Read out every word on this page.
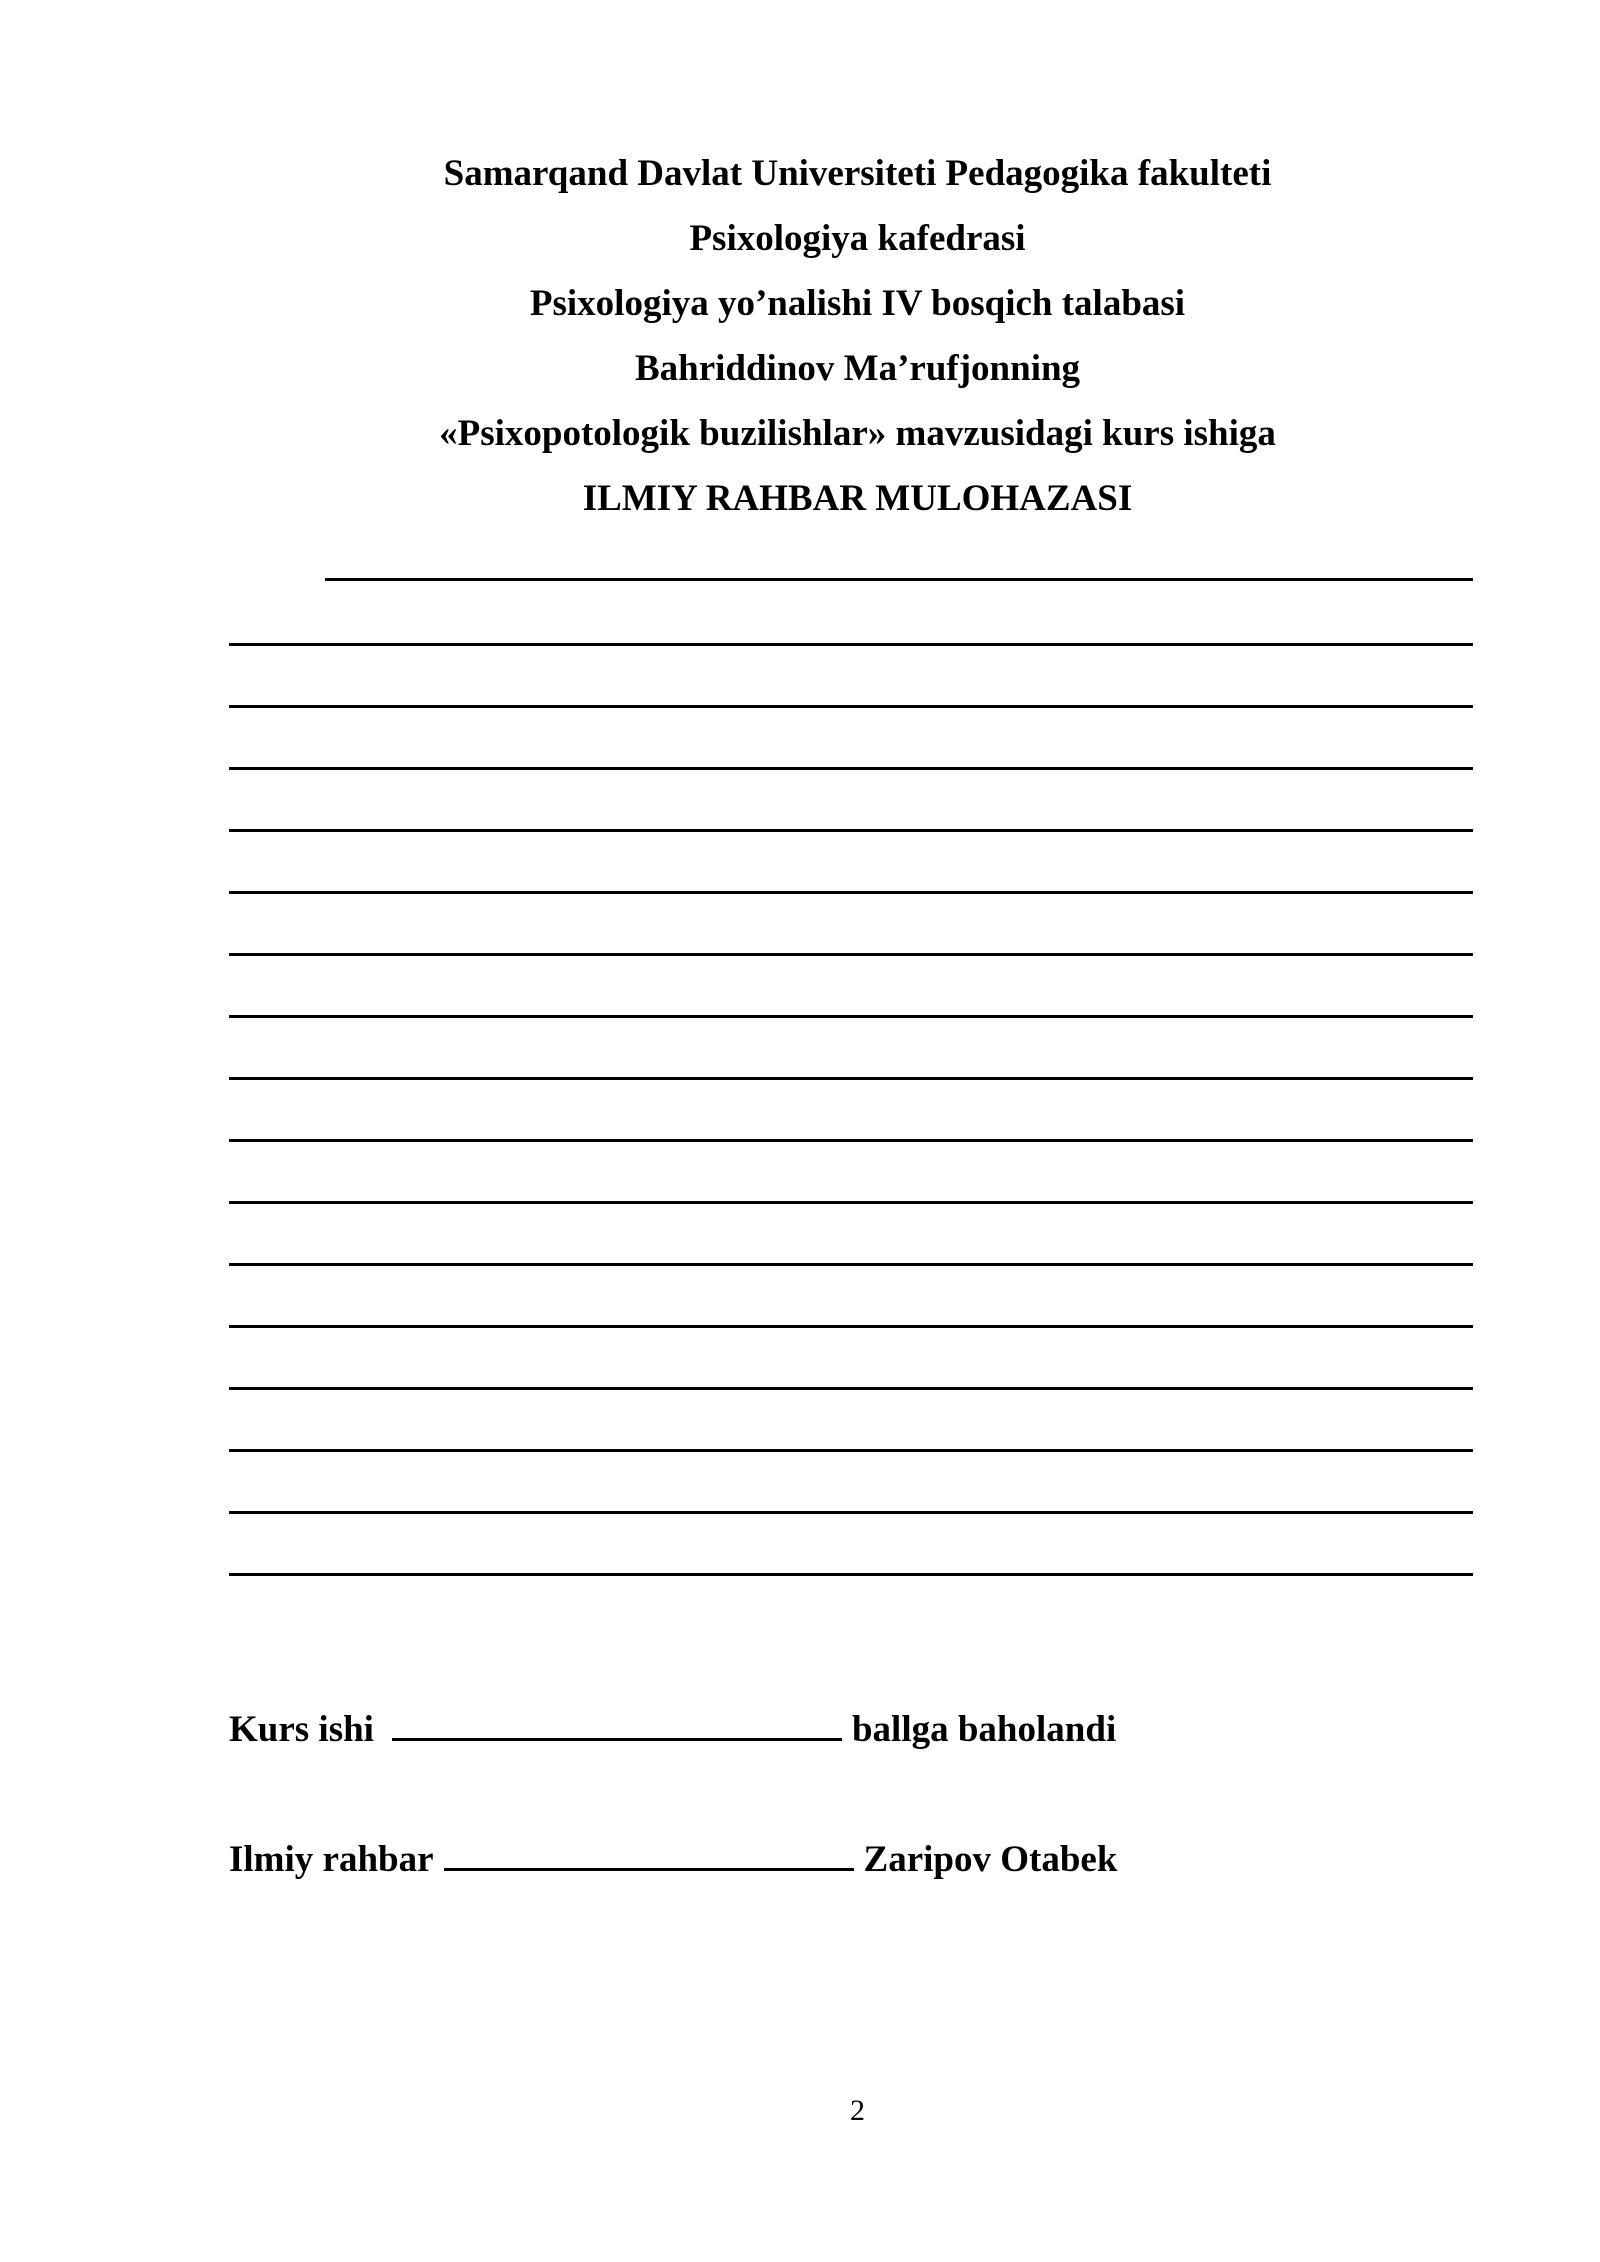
Samarqand Davlat Universiteti Pedagogika fakulteti
Psixologiya kafedrasi
Psixologiya yo’nalishi IV bosqich talabasi
Bahriddinov Ma’rufjonning
«Psixopotologik buzilishlar» mavzusidagi kurs ishiga
ILMIY RAHBAR MULOHAZASI
Kurs ishi	ballga baholandi
Ilmiy rahbar	Zaripov Otabek
2
